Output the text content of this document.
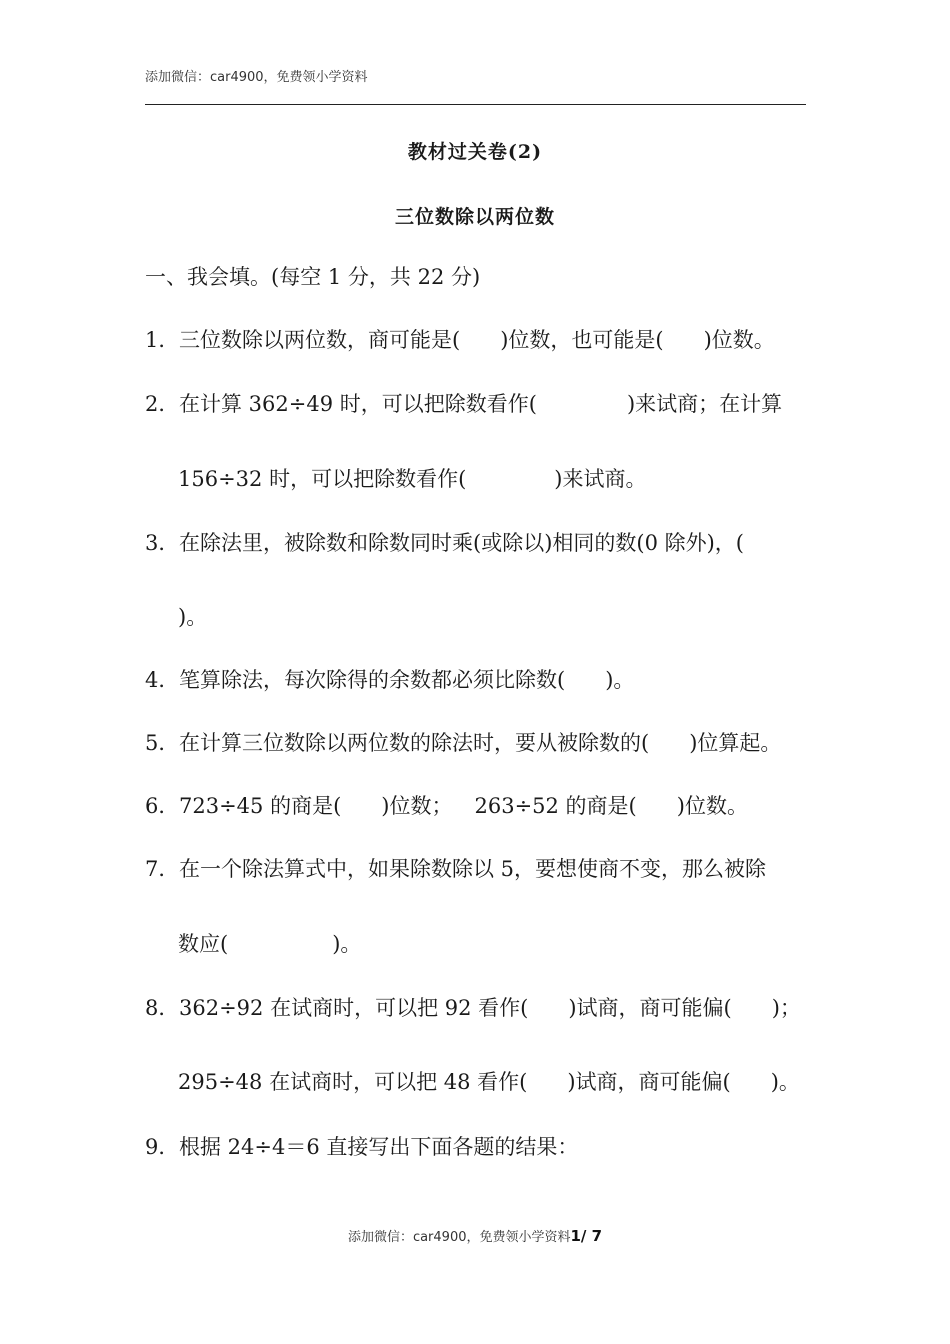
添加微信：car4900，免费领小学资料
教材过关卷(2)
三位数除以两位数
一、我会填。(每空 1 分，共 22 分)
1．三位数除以两位数，商可能是( )位数，也可能是( )位数。
2．在计算 362÷49 时，可以把除数看作(	)来试商；在计算
156÷32 时，可以把除数看作(	)来试商。
3．在除法里，被除数和除数同时乘(或除以)相同的数(0 除外)，(
)。
4．笔算除法，每次除得的余数都必须比除数( )。
5．在计算三位数除以两位数的除法时，要从被除数的( )位算起。
6．723÷45 的商是( )位数； 263÷52 的商是( )位数。
7．在一个除法算式中，如果除数除以 5，要想使商不变，那么被除
数应(	)。
8．362÷92 在试商时，可以把 92 看作( )试商，商可能偏( )；
295÷48 在试商时，可以把 48 看作( )试商，商可能偏( )。
9．根据 24÷4＝6 直接写出下面各题的结果：
添加微信：car4900，免费领小学资料1/ 7
